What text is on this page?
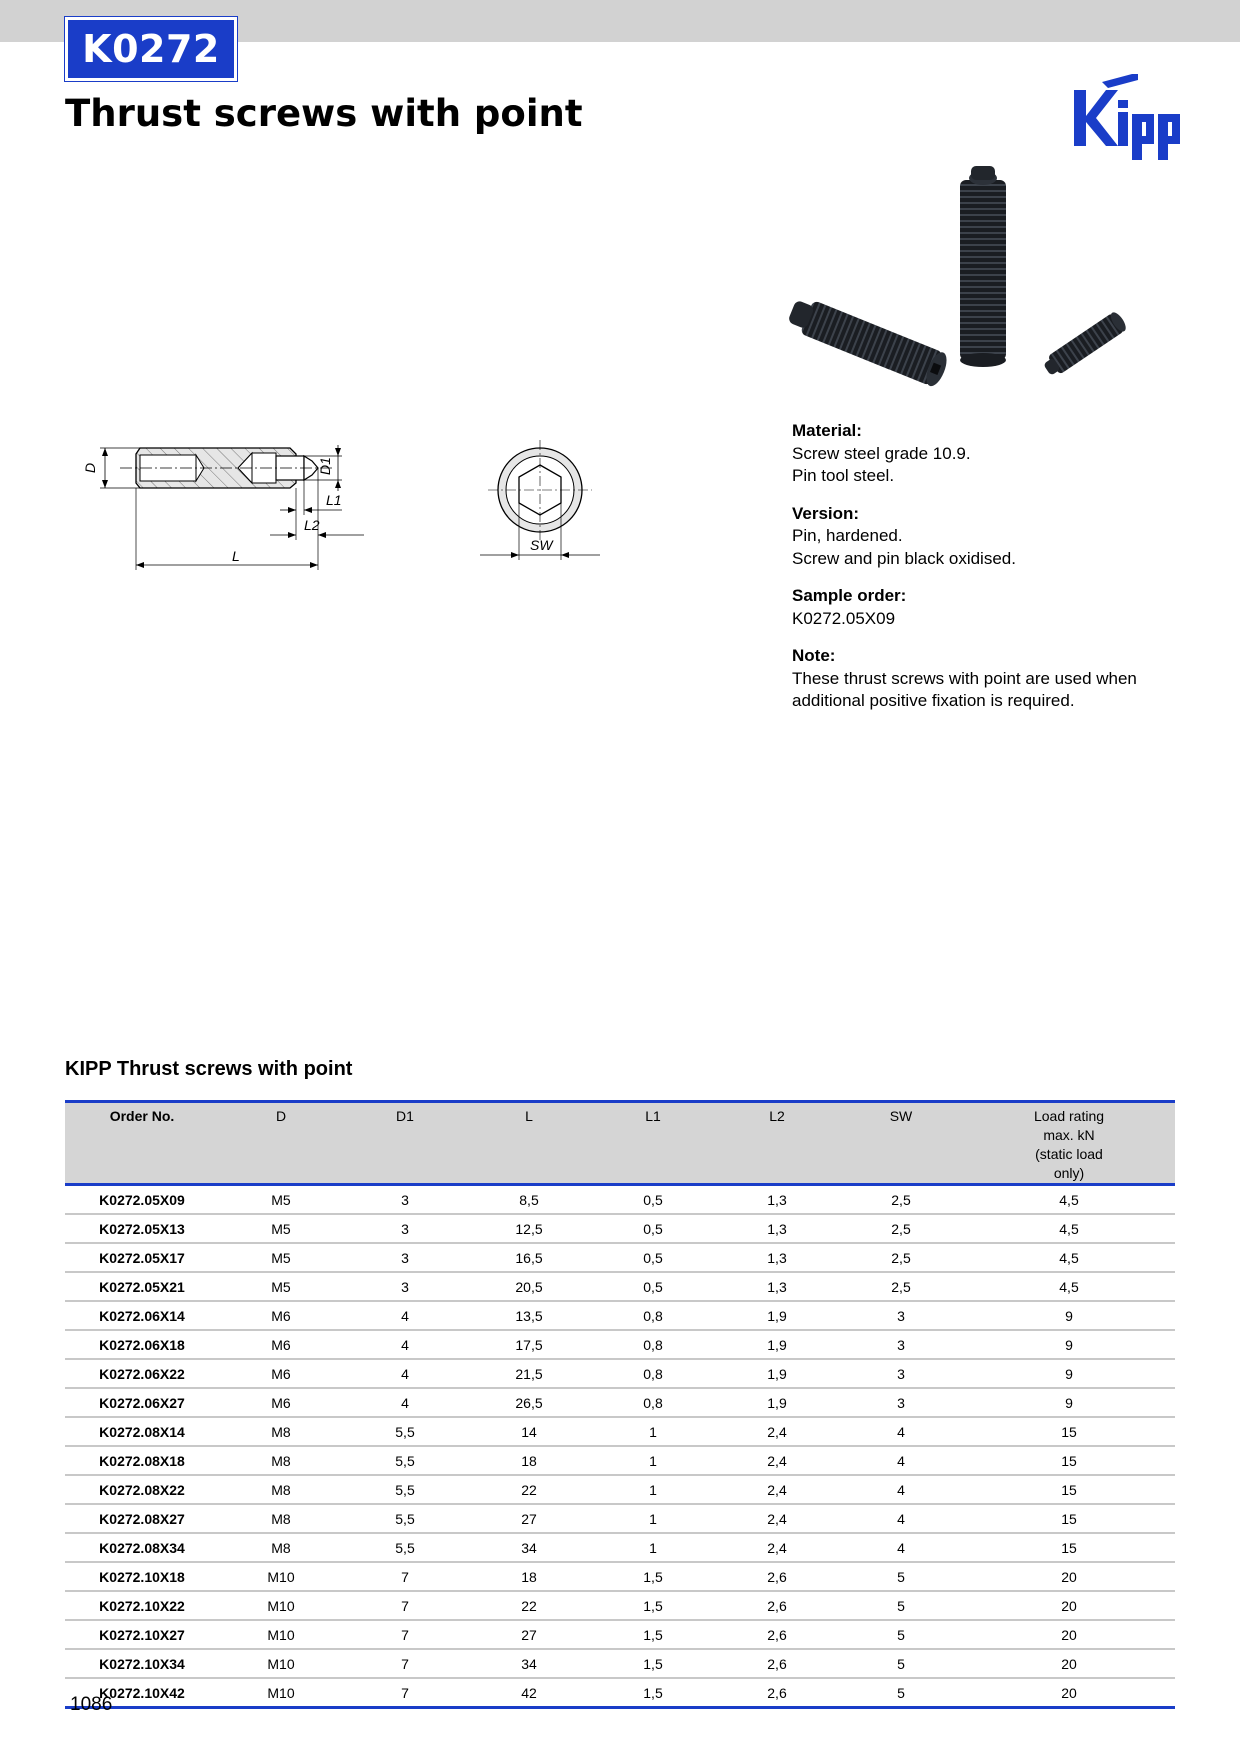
K0272
Thrust screws with point
D	D1
L1
L2
L
SW
Material:
Screw steel grade 10.9.
Pin tool steel.
Version:
Pin, hardened.
Screw and pin black oxidised.
Sample order:
K0272.05X09
Note:
These thrust screws with point are used when
additional positive fixation is required.
KIPP Thrust screws with point
Order No.	D	D1	L	L1	L2	SW	Load rating max. kN (static load only)
K0272.05X09	M5	3	8,5	0,5	1,3	2,5	4,5
K0272.05X13	M5	3	12,5	0,5	1,3	2,5	4,5
K0272.05X17	M5	3	16,5	0,5	1,3	2,5	4,5
K0272.05X21	M5	3	20,5	0,5	1,3	2,5	4,5
K0272.06X14	M6	4	13,5	0,8	1,9	3	9
K0272.06X18	M6	4	17,5	0,8	1,9	3	9
K0272.06X22	M6	4	21,5	0,8	1,9	3	9
K0272.06X27	M6	4	26,5	0,8	1,9	3	9
K0272.08X14	M8	5,5	14	1	2,4	4	15
K0272.08X18	M8	5,5	18	1	2,4	4	15
K0272.08X22	M8	5,5	22	1	2,4	4	15
K0272.08X27	M8	5,5	27	1	2,4	4	15
K0272.08X34	M8	5,5	34	1	2,4	4	15
K0272.10X18	M10	7	18	1,5	2,6	5	20
K0272.10X22	M10	7	22	1,5	2,6	5	20
K0272.10X27	M10	7	27	1,5	2,6	5	20
K0272.10X34	M10	7	34	1,5	2,6	5	20
K0272.10X42	M10	7	42	1,5	2,6	5	20
1086
